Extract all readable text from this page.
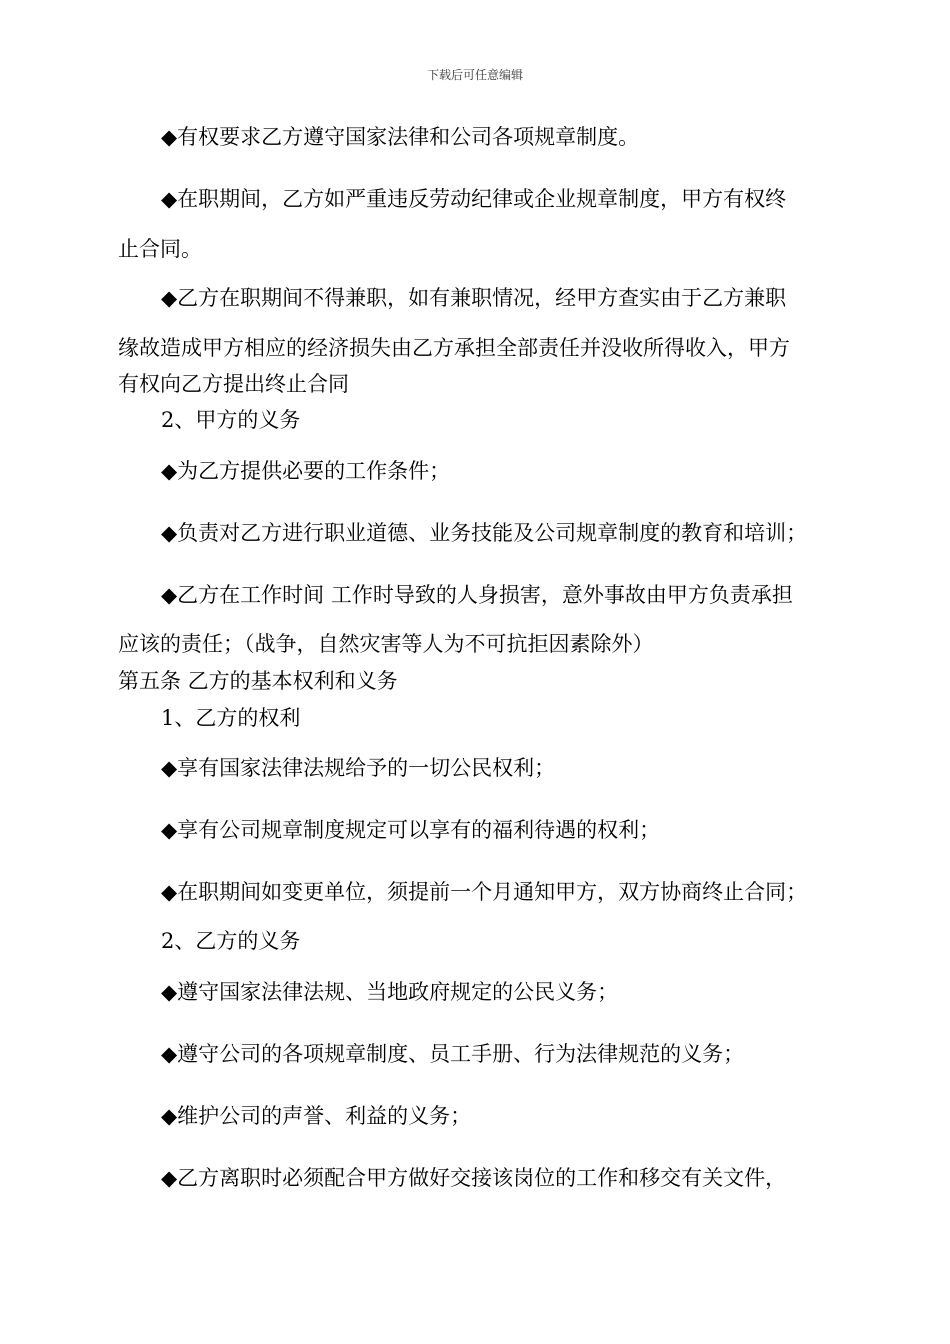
下载后可任意编辑
◆有权要求乙方遵守国家法律和公司各项规章制度。
◆在职期间，乙方如严重违反劳动纪律或企业规章制度，甲方有权终
止合同。
◆乙方在职期间不得兼职，如有兼职情况，经甲方查实由于乙方兼职
缘故造成甲方相应的经济损失由乙方承担全部责任并没收所得收入，甲方
有权向乙方提出终止合同
2、甲方的义务
◆为乙方提供必要的工作条件；
◆负责对乙方进行职业道德、业务技能及公司规章制度的教育和培训；
◆乙方在工作时间 工作时导致的人身损害，意外事故由甲方负责承担
应该的责任；（战争，自然灾害等人为不可抗拒因素除外）
第五条 乙方的基本权利和义务
1、乙方的权利
◆享有国家法律法规给予的一切公民权利；
◆享有公司规章制度规定可以享有的福利待遇的权利；
◆在职期间如变更单位，须提前一个月通知甲方，双方协商终止合同；
2、乙方的义务
◆遵守国家法律法规、当地政府规定的公民义务；
◆遵守公司的各项规章制度、员工手册、行为法律规范的义务；
◆维护公司的声誉、利益的义务；
◆乙方离职时必须配合甲方做好交接该岗位的工作和移交有关文件，
